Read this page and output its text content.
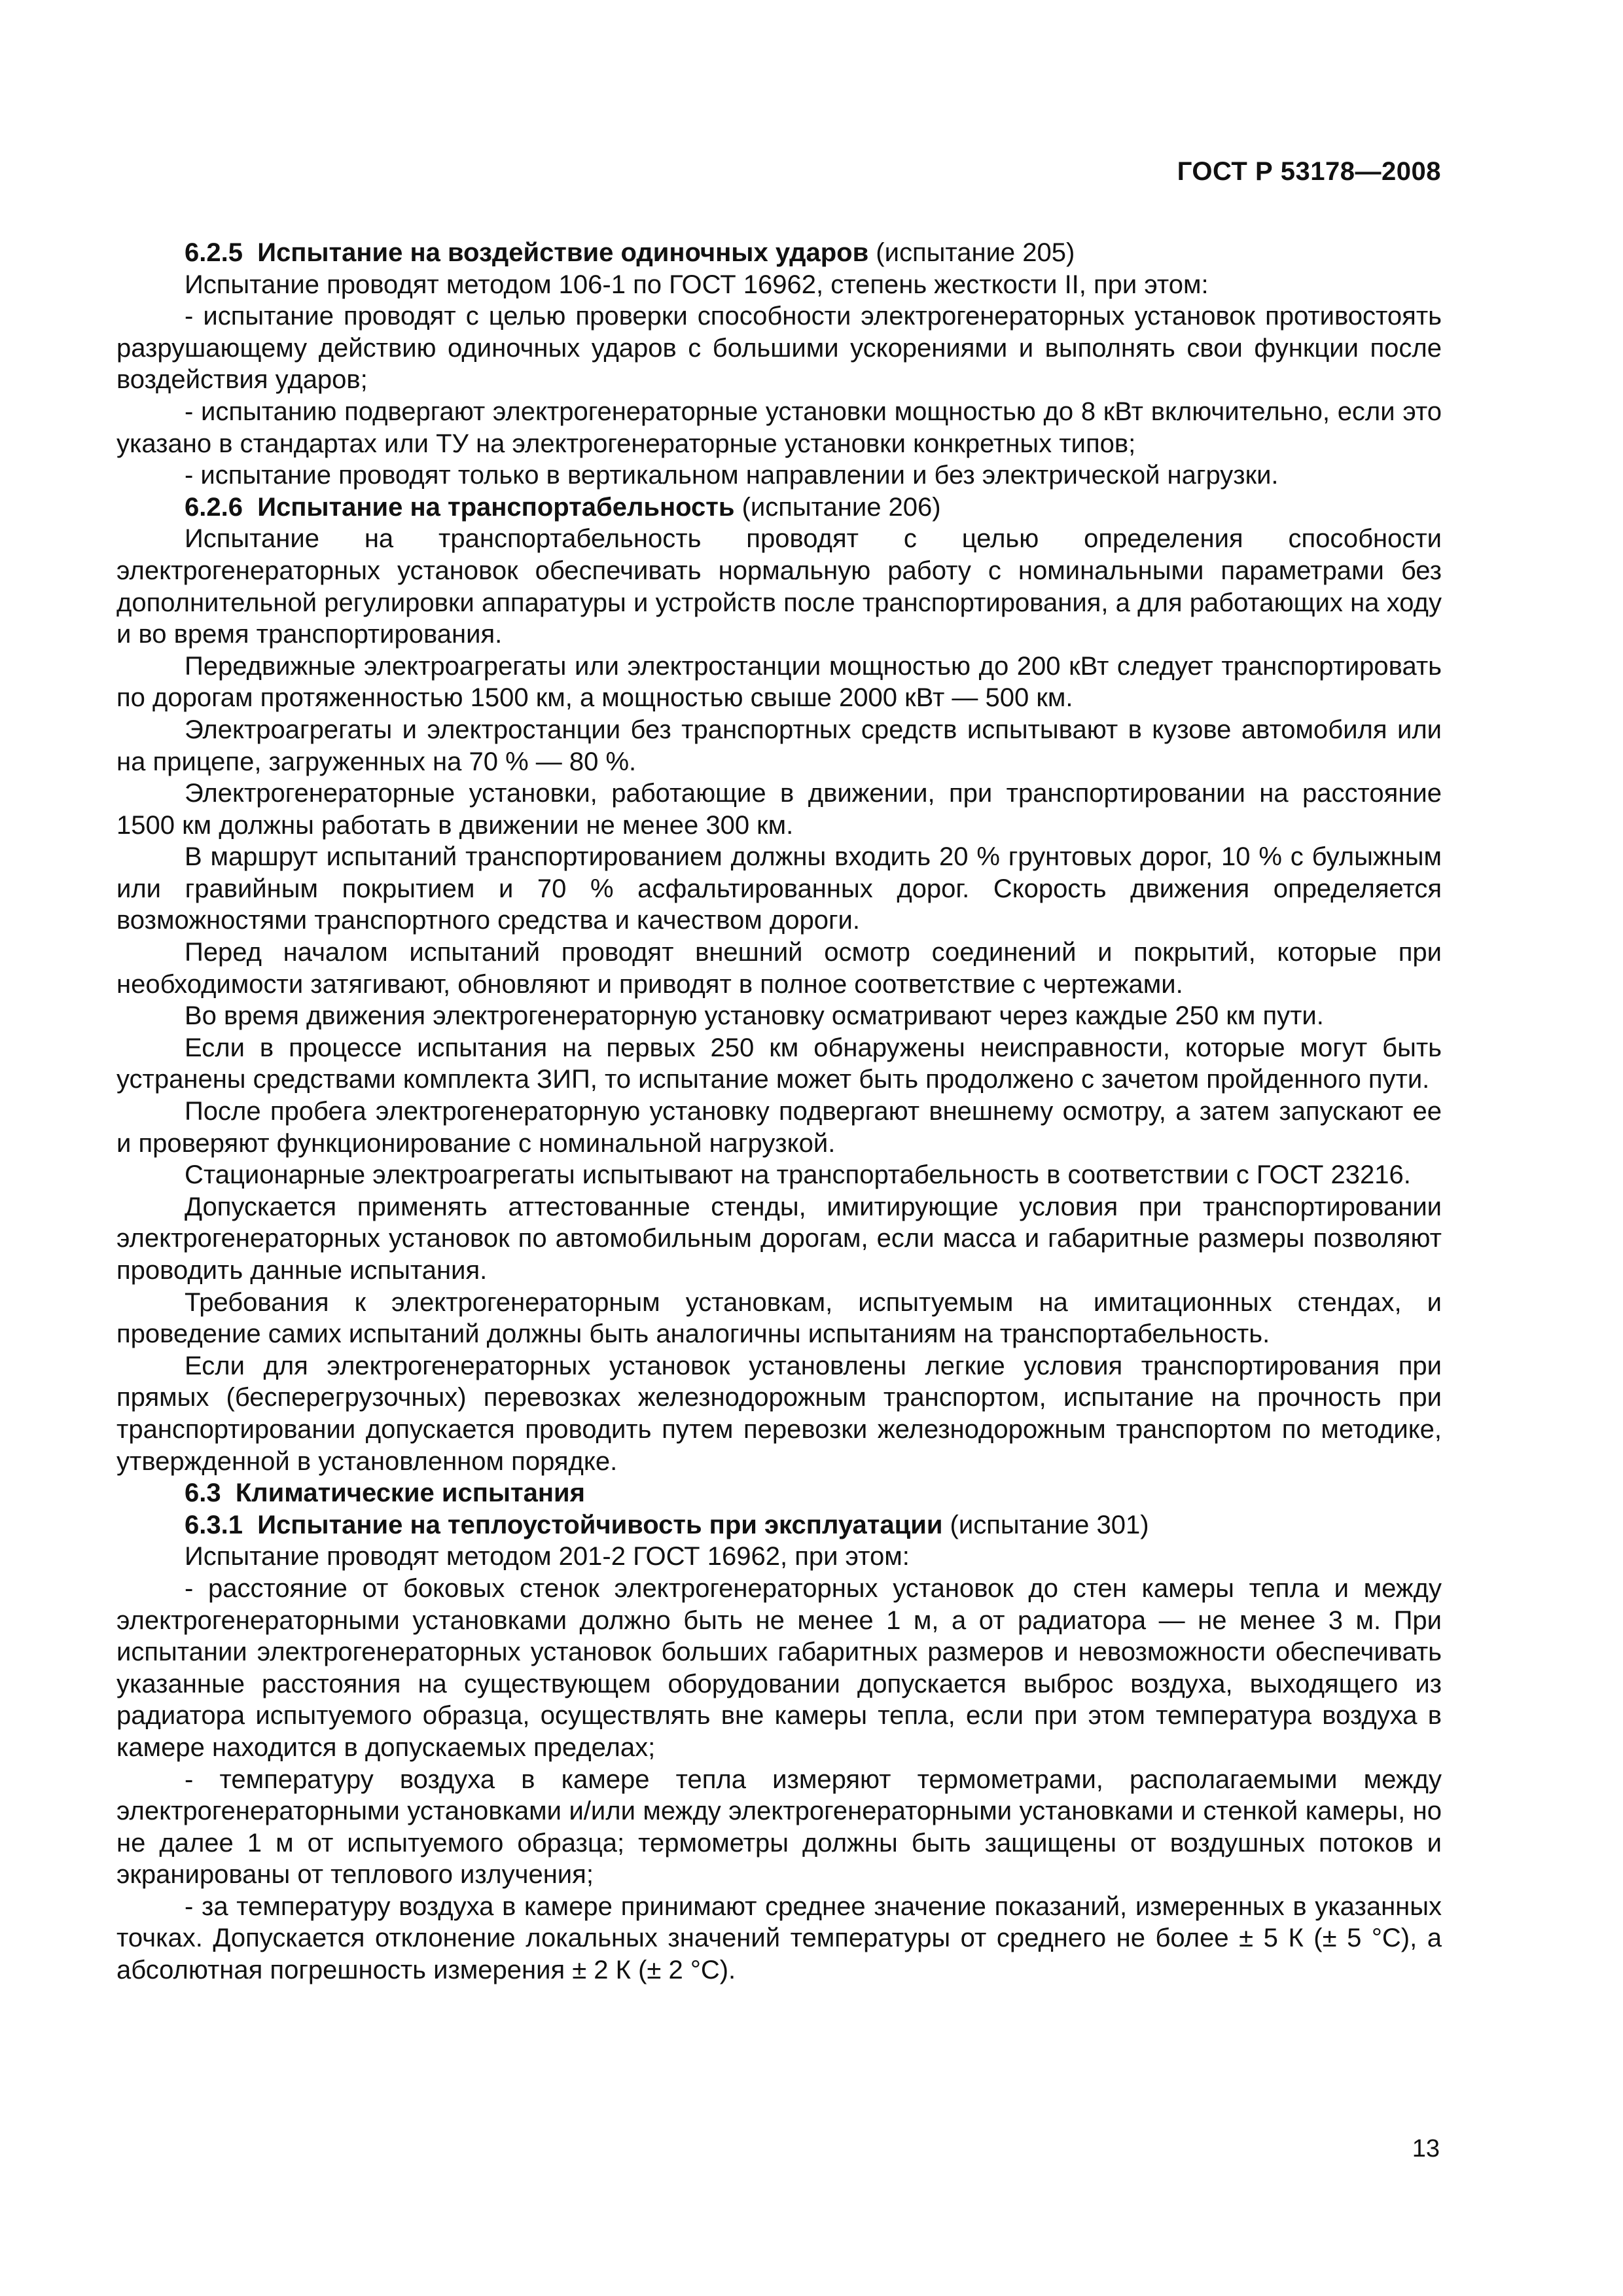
ГОСТ Р 53178—2008

6.2.5 Испытание на воздействие одиночных ударов (испытание 205)

Испытание проводят методом 106-1 по ГОСТ 16962, степень жесткости II, при этом:

- испытание проводят с целью проверки способности электрогенераторных установок противостоять разрушающему действию одиночных ударов с большими ускорениями и выполнять свои функции после воздействия ударов;

- испытанию подвергают электрогенераторные установки мощностью до 8 кВт включительно, если это указано в стандартах или ТУ на электрогенераторные установки конкретных типов;

- испытание проводят только в вертикальном направлении и без электрической нагрузки.

6.2.6 Испытание на транспортабельность (испытание 206)

Испытание на транспортабельность проводят с целью определения способности электрогенераторных установок обеспечивать нормальную работу с номинальными параметрами без дополнительной регулировки аппаратуры и устройств после транспортирования, а для работающих на ходу и во время транспортирования.

Передвижные электроагрегаты или электростанции мощностью до 200 кВт следует транспортировать по дорогам протяженностью 1500 км, а мощностью свыше 2000 кВт — 500 км.

Электроагрегаты и электростанции без транспортных средств испытывают в кузове автомобиля или на прицепе, загруженных на 70 % — 80 %.

Электрогенераторные установки, работающие в движении, при транспортировании на расстояние 1500 км должны работать в движении не менее 300 км.

В маршрут испытаний транспортированием должны входить 20 % грунтовых дорог, 10 % с булыжным или гравийным покрытием и 70 % асфальтированных дорог. Скорость движения определяется возможностями транспортного средства и качеством дороги.

Перед началом испытаний проводят внешний осмотр соединений и покрытий, которые при необходимости затягивают, обновляют и приводят в полное соответствие с чертежами.

Во время движения электрогенераторную установку осматривают через каждые 250 км пути.

Если в процессе испытания на первых 250 км обнаружены неисправности, которые могут быть устранены средствами комплекта ЗИП, то испытание может быть продолжено с зачетом пройденного пути.

После пробега электрогенераторную установку подвергают внешнему осмотру, а затем запускают ее и проверяют функционирование с номинальной нагрузкой.

Стационарные электроагрегаты испытывают на транспортабельность в соответствии с ГОСТ 23216.

Допускается применять аттестованные стенды, имитирующие условия при транспортировании электрогенераторных установок по автомобильным дорогам, если масса и габаритные размеры позволяют проводить данные испытания.

Требования к электрогенераторным установкам, испытуемым на имитационных стендах, и проведение самих испытаний должны быть аналогичны испытаниям на транспортабельность.

Если для электрогенераторных установок установлены легкие условия транспортирования при прямых (бесперегрузочных) перевозках железнодорожным транспортом, испытание на прочность при транспортировании допускается проводить путем перевозки железнодорожным транспортом по методике, утвержденной в установленном порядке.

6.3 Климатические испытания

6.3.1 Испытание на теплоустойчивость при эксплуатации (испытание 301)

Испытание проводят методом 201-2 ГОСТ 16962, при этом:

- расстояние от боковых стенок электрогенераторных установок до стен камеры тепла и между электрогенераторными установками должно быть не менее 1 м, а от радиатора — не менее 3 м. При испытании электрогенераторных установок больших габаритных размеров и невозможности обеспечивать указанные расстояния на существующем оборудовании допускается выброс воздуха, выходящего из радиатора испытуемого образца, осуществлять вне камеры тепла, если при этом температура воздуха в камере находится в допускаемых пределах;

- температуру воздуха в камере тепла измеряют термометрами, располагаемыми между электрогенераторными установками и/или между электрогенераторными установками и стенкой камеры, но не далее 1 м от испытуемого образца; термометры должны быть защищены от воздушных потоков и экранированы от теплового излучения;

- за температуру воздуха в камере принимают среднее значение показаний, измеренных в указанных точках. Допускается отклонение локальных значений температуры от среднего не более ± 5 К (± 5 °С), а абсолютная погрешность измерения ± 2 К (± 2 °С).

13
